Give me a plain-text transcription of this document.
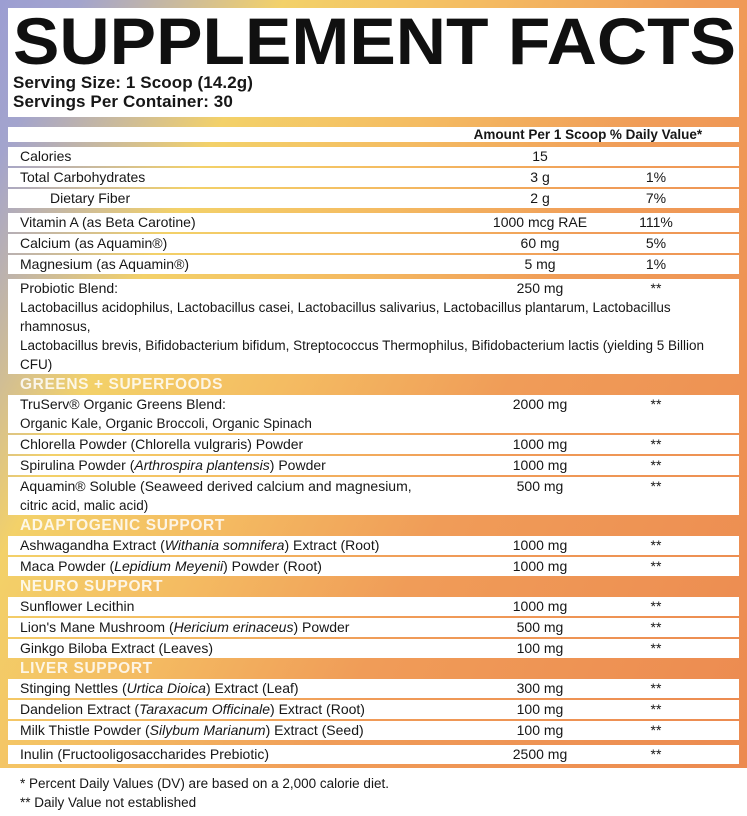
SUPPLEMENT FACTS
Serving Size: 1 Scoop (14.2g)
Servings Per Container: 30
Amount Per 1 Scoop % Daily Value*
Calories	15
Total Carbohydrates	3 g	1%
Dietary Fiber	2 g	7%
Vitamin A (as Beta Carotine)	1000 mcg RAE	111%
Calcium (as Aquamin®)	60 mg	5%
Magnesium (as Aquamin®)	5 mg	1%
Probiotic Blend:	250 mg	**
Lactobacillus acidophilus, Lactobacillus casei, Lactobacillus salivarius, Lactobacillus plantarum, Lactobacillus rhamnosus,
Lactobacillus brevis, Bifidobacterium bifidum, Streptococcus Thermophilus, Bifidobacterium lactis (yielding 5 Billion CFU)
GREENS + SUPERFOODS
TruServ® Organic Greens Blend:	2000 mg	**
Organic Kale, Organic Broccoli, Organic Spinach
Chlorella Powder (Chlorella vulgraris) Powder	1000 mg	**
Spirulina Powder (Arthrospira plantensis) Powder	1000 mg	**
Aquamin® Soluble (Seaweed derived calcium and magnesium,	500 mg	**
citric acid, malic acid)
ADAPTOGENIC SUPPORT
Ashwagandha Extract (Withania somnifera) Extract (Root)	1000 mg	**
Maca Powder (Lepidium Meyenii) Powder (Root)	1000 mg	**
NEURO SUPPORT
Sunflower Lecithin	1000 mg	**
Lion's Mane Mushroom (Hericium erinaceus) Powder	500 mg	**
Ginkgo Biloba Extract (Leaves)	100 mg	**
LIVER SUPPORT
Stinging Nettles (Urtica Dioica) Extract (Leaf)	300 mg	**
Dandelion Extract (Taraxacum Officinale) Extract (Root)	100 mg	**
Milk Thistle Powder (Silybum Marianum) Extract (Seed)	100 mg	**
Inulin (Fructooligosaccharides Prebiotic)	2500 mg	**
* Percent Daily Values (DV) are based on a 2,000 calorie diet.
** Daily Value not established
